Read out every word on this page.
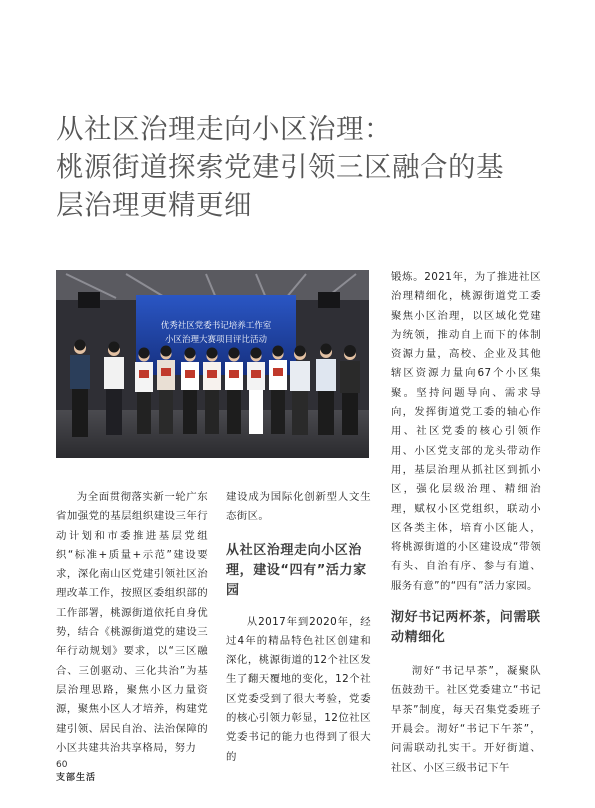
从社区治理走向小区治理：
桃源街道探索党建引领三区融合的基
层治理更精更细
优秀社区党委书记培养工作室
小区治理大赛项目评比活动

为全面贯彻落实新一轮广东省加强党的基层组织建设三年行动计划和市委推进基层党组织“标准+质量+示范”建设要求，深化南山区党建引领社区治理改革工作，按照区委组织部的工作部署，桃源街道依托自身优势，结合《桃源街道党的建设三年行动规划》要求，以“三区融合、三创驱动、三化共治”为基层治理思路，聚焦小区力量资源，聚焦小区人才培养，构建党建引领、居民自治、法治保障的小区共建共治共享格局，努力

建设成为国际化创新型人文生态街区。

从社区治理走向小区治理，建设“四有”活力家园

从2017年到2020年，经过4年的精品特色社区创建和深化，桃源街道的12个社区发生了翻天覆地的变化，12个社区党委受到了很大考验，党委的核心引领力彰显，12位社区党委书记的能力也得到了很大的

锻炼。2021年，为了推进社区治理精细化，桃源街道党工委聚焦小区治理，以区域化党建为统领，推动自上而下的体制资源力量，高校、企业及其他辖区资源力量向67个小区集聚。坚持问题导向、需求导向，发挥街道党工委的轴心作用、社区党委的核心引领作用、小区党支部的龙头带动作用，基层治理从抓社区到抓小区，强化层级治理、精细治理，赋权小区党组织，联动小区各类主体，培育小区能人，将桃源街道的小区建设成“带领有头、自治有序、参与有道、服务有意”的“四有”活力家园。

沏好书记两杯茶，问需联动精细化

沏好“书记早茶”，凝聚队伍鼓劲干。社区党委建立“书记早茶”制度，每天召集党委班子开晨会。沏好“书记下午茶”，问需联动扎实干。开好街道、社区、小区三级书记下午

60
支部生活
